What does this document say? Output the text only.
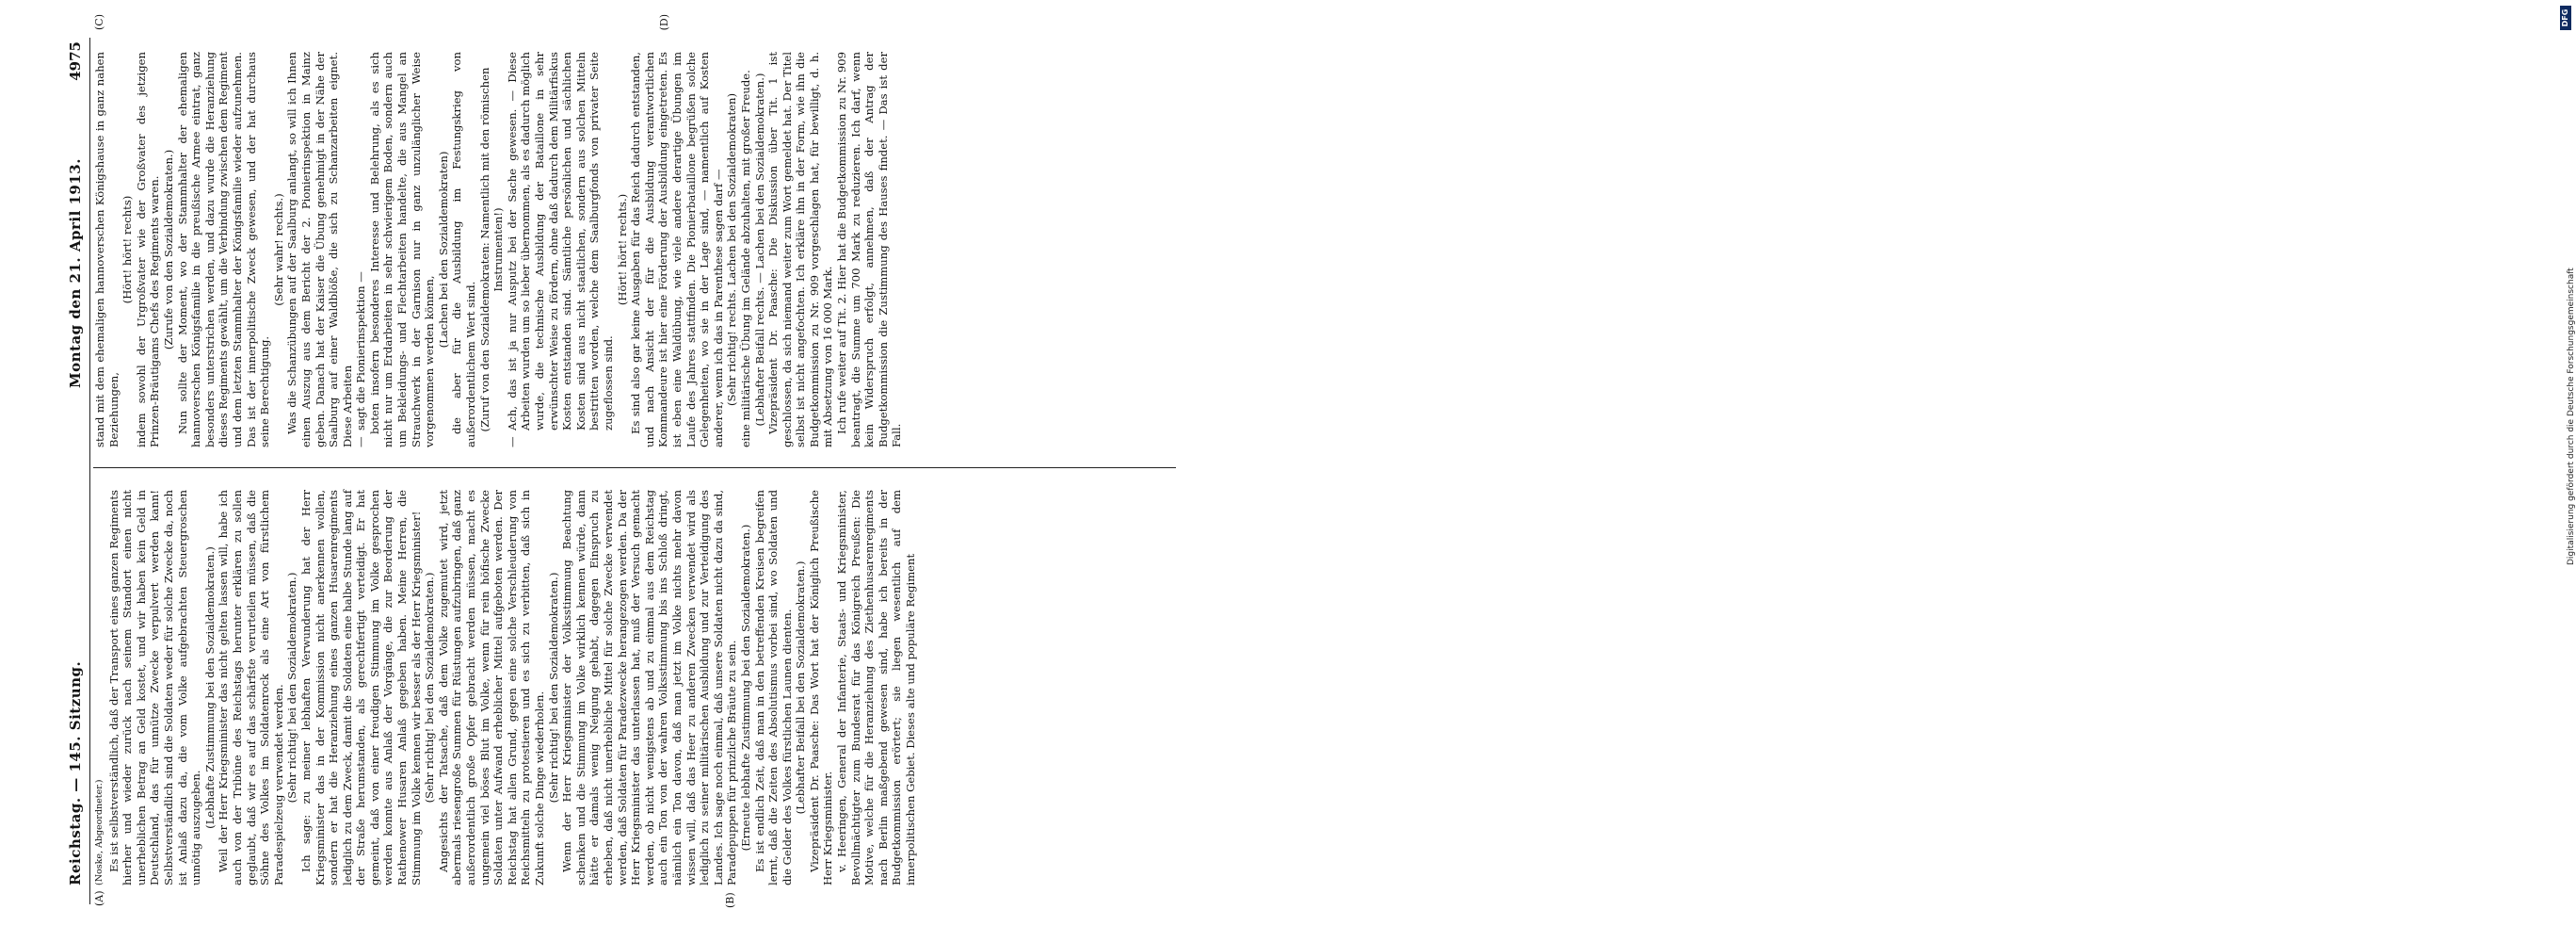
Reichstag. — 145. Sitzung.
Montag den 21. April 1913.
4975
(A)	(B)

(Noske, Abgeordneter.) Es ist selbstverständlich, daß der Transport eines ganzen Regiments hierher und wieder zurück nach seinem Standort einen nicht unerheblichen Betrag an Geld kostet, und wir haben kein Geld in Deutschland, das für unnütze Zwecke verpulvert werden kann! Selbstverständlich sind die Soldaten weder für solche Zwecke da, noch ist Anlaß dazu da, die vom Volke aufgebrachten Steuergroschen unnötig auszugeben. (Lebhafte Zustimmung bei den Sozialdemokraten.) Weil der Herr Kriegsminister das nicht gelten lassen will, habe ich auch von der Tribüne des Reichstags herunter erklären zu sollen geglaubt, daß wir es auf das schärfste verurteilen müssen, daß die Söhne des Volkes im Soldatenrock als eine Art von fürstlichem Paradespielzeug verwendet werden. (Sehr richtig! bei den Sozialdemokraten.) Ich sage: zu meiner lebhaften Verwunderung hat der Herr Kriegsminister das in der Kommission nicht anerkennen wollen, sondern er hat die Heranziehung eines ganzen Husarenregiments lediglich zu dem Zweck, damit die Soldaten eine halbe Stunde lang auf der Straße herumstanden, als gerechtfertigt verteidigt. Er hat gemeint, daß von einer freudigen Stimmung im Volke gesprochen werden konnte aus Anlaß der Vorgänge, die zur Beorderung der Rathenower Husaren Anlaß gegeben haben. Meine Herren, die Stimmung im Volke kennen wir besser als der Herr Kriegsminister! (Sehr richtig! bei den Sozialdemokraten.) Angesichts der Tatsache, daß dem Volke zugemutet wird, jetzt abermals riesengroße Summen für Rüstungen aufzubringen, daß ganz außerordentlich große Opfer gebracht werden müssen, macht es ungemein viel böses Blut im Volke, wenn für rein höfische Zwecke Soldaten unter Aufwand erheblicher Mittel aufgeboten werden. Der Reichstag hat allen Grund, gegen eine solche Verschleuderung von Reichsmitteln zu protestieren und es sich zu verbitten, daß sich in Zukunft solche Dinge wiederholen. (Sehr richtig! bei den Sozialdemokraten.) Wenn der Herr Kriegsminister der Volksstimmung Beachtung schenken und die Stimmung im Volke wirklich kennen würde, dann hätte er damals wenig Neigung gehabt, dagegen Einspruch zu erheben, daß nicht unerhebliche Mittel für solche Zwecke verwendet werden, daß Soldaten für Paradezwecke herangezogen werden. Da der Herr Kriegsminister das unterlassen hat, muß der Versuch gemacht werden, ob nicht wenigstens ab und zu einmal aus dem Reichstag auch ein Ton von der wahren Volksstimmung bis ins Schloß dringt, nämlich ein Ton davon, daß man jetzt im Volke nichts mehr davon wissen will, daß das Heer zu anderen Zwecken verwendet wird als lediglich zu seiner militärischen Ausbildung und zur Verteidigung des Landes. Ich sage noch einmal, daß unsere Soldaten nicht dazu da sind, Paradepuppen für prinzliche Bräute zu sein. (Erneute lebhafte Zustimmung bei den Sozialdemokraten.) Es ist endlich Zeit, daß man in den betreffenden Kreisen begreifen lernt, daß die Zeiten des Absolutismus vorbei sind, wo Soldaten und die Gelder des Volkes fürstlichen Launen dienten. (Lebhafter Beifall bei den Sozialdemokraten.) Vizepräsident Dr. Paasche: Das Wort hat der Königlich Preußische Herr Kriegsminister. v. Heeringen, General der Infanterie, Staats- und Kriegsminister, Bevollmächtigter zum Bundesrat für das Königreich Preußen: Die Motive, welche für die Heranziehung des Ziethenhusarenregiments nach Berlin maßgebend gewesen sind, habe ich bereits in der Budgetkommission erörtert; sie liegen wesentlich auf dem innerpolitischen Gebiet. Dieses alte und populäre Regiment

(C)	(D)

stand mit dem ehemaligen hannoverschen Königshause in ganz nahen Beziehungen,

(Hört! hört! rechts) indem sowohl der Urgroßvater wie der Großvater des jetzigen Prinzen-Bräutigams Chefs des Regiments waren. (Zurufe von den Sozialdemokraten.) Nun sollte der Moment, wo der Stammhalter der ehemaligen hannoverschen Königsfamilie in die preußische Armee eintrat, ganz besonders unterstrichen werden, und dazu wurde die Heranziehung dieses Regiments gewählt, um die Verbindung zwischen dem Regiment und dem letzten Stammhalter der Königsfamilie wieder aufzunehmen. Das ist der innerpolitische Zweck gewesen, und der hat durchaus seine Berechtigung.

(Sehr wahr! rechts.) Was die Schanzübungen auf der Saalburg anlangt, so will ich Ihnen einen Auszug aus dem Bericht der 2. Pionierinspektion in Mainz geben. Danach hat der Kaiser die Übung genehmigt in der Nähe der Saalburg auf einer Waldblöße, die sich zu Schanzarbeiten eignet. Diese Arbeiten — sagt die Pionierinspektion — boten insofern besonderes Interesse und Belehrung, als es sich nicht nur um Erdarbeiten in sehr schwierigem Boden, sondern auch um Bekleidungs- und Flechtarbeiten handelte, die aus Mangel an Strauchwerk in der Garnison nur in ganz unzulänglicher Weise vorgenommen werden können,

(Lachen bei den Sozialdemokraten) die aber für die Ausbildung im Festungskrieg von außerordentlichem Wert sind. (Zuruf von den Sozialdemokraten: Namentlich mit den römischen Instrumenten!) — Ach, das ist ja nur Ausputz bei der Sache gewesen. — Diese Arbeiten wurden um so lieber übernommen, als es dadurch möglich wurde, die technische Ausbildung der Bataillone in sehr erwünschter Weise zu fördern, ohne daß dadurch dem Militärfiskus Kosten entstanden sind. Sämtliche persönlichen und sächlichen Kosten sind aus nicht staatlichen, sondern aus solchen Mitteln bestritten worden, welche dem Saalburgfonds von privater Seite zugeflossen sind.

(Hört! hört! rechts.) Es sind also gar keine Ausgaben für das Reich dadurch entstanden, und nach Ansicht der für die Ausbildung verantwortlichen Kommandeure ist hier eine Förderung der Ausbildung eingetreten. Es ist eben eine Waldübung, wie viele andere derartige Übungen im Laufe des Jahres stattfinden. Die Pionierbataillone begrüßen solche Gelegenheiten, wo sie in der Lage sind, — namentlich auf Kosten anderer, wenn ich das in Parenthese sagen darf — (Sehr richtig! rechts. Lachen bei den Sozialdemokraten) eine militärische Übung im Gelände abzuhalten, mit großer Freude. (Lebhafter Beifall rechts. — Lachen bei den Sozialdemokraten.) Vizepräsident Dr. Paasche: Die Diskussion über Tit. 1 ist geschlossen, da sich niemand weiter zum Wort gemeldet hat. Der Titel selbst ist nicht angefochten. Ich erkläre ihn in der Form, wie ihn die Budgetkommission zu Nr. 909 vorgeschlagen hat, für bewilligt, d. h. mit Absetzung von 16 000 Mark. Ich rufe weiter auf Tit. 2. Hier hat die Budgetkommission zu Nr. 909 beantragt, die Summe um 700 Mark zu reduzieren. Ich darf, wenn kein Widerspruch erfolgt, annehmen, daß der Antrag der Budgetkommission die Zustimmung des Hauses findet. — Das ist der Fall.

DFG
Digitalisierung gefördert durch die Deutsche Forschungsgemeinschaft
